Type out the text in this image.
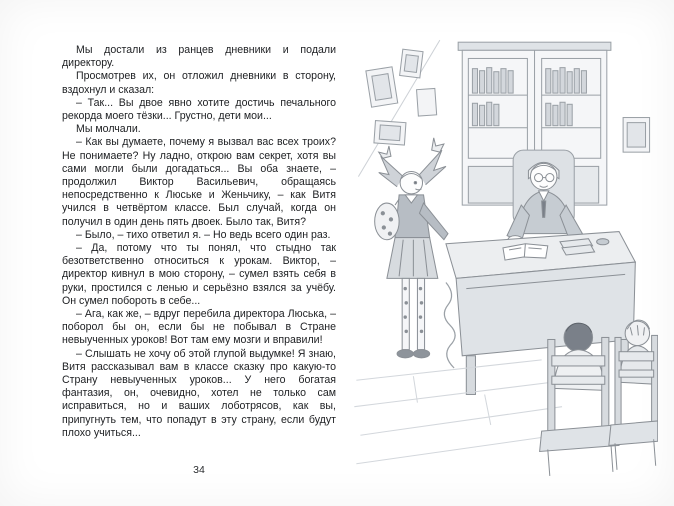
Мы достали из ранцев дневники и подали директору.

Просмотрев их, он отложил дневники в сторону, вздохнул и сказал:

– Так... Вы двое явно хотите достичь печального рекорда моего тёзки... Грустно, дети мои...

Мы молчали.

– Как вы думаете, почему я вызвал вас всех троих? Не понимаете? Ну ладно, открою вам секрет, хотя вы сами могли были догадаться... Вы оба знаете, – продолжил Виктор Васильевич, обращаясь непосредственно к Люське и Женьчику, – как Витя учился в четвёртом классе. Был случай, когда он получил в один день пять двоек. Было так, Витя?

– Было, – тихо ответил я. – Но ведь всего один раз.

– Да, потому что ты понял, что стыдно так безответственно относиться к урокам. Виктор, – директор кивнул в мою сторону, – сумел взять себя в руки, простился с ленью и серьёзно взялся за учёбу. Он сумел побороть в себе...

– Ага, как же, – вдруг перебила директора Люська, – поборол бы он, если бы не побывал в Стране невыученных уроков! Вот там ему мозги и вправили!

– Слышать не хочу об этой глупой выдумке! Я знаю, Витя рассказывал вам в классе сказку про какую-то Страну невыученных уроков... У него богатая фантазия, он, очевидно, хотел не только сам исправиться, но и ваших лоботрясов, как вы, припугнуть тем, что попадут в эту страну, если будут плохо учиться...

34
